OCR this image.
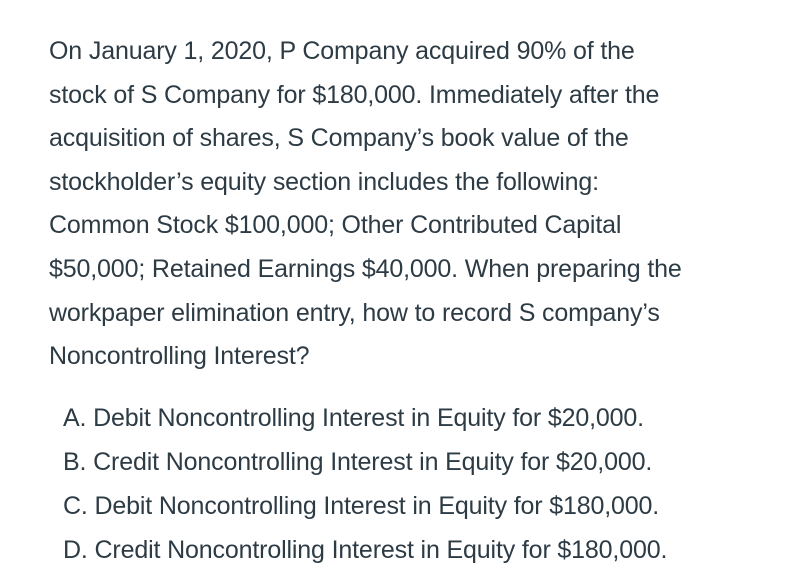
On January 1, 2020, P Company acquired 90% of the
stock of S Company for $180,000. Immediately after the
acquisition of shares, S Company’s book value of the
stockholder’s equity section includes the following:
Common Stock $100,000; Other Contributed Capital
$50,000; Retained Earnings $40,000. When preparing the
workpaper elimination entry, how to record S company’s
Noncontrolling Interest?

A. Debit Noncontrolling Interest in Equity for $20,000.
B. Credit Noncontrolling Interest in Equity for $20,000.
C. Debit Noncontrolling Interest in Equity for $180,000.
D. Credit Noncontrolling Interest in Equity for $180,000.
